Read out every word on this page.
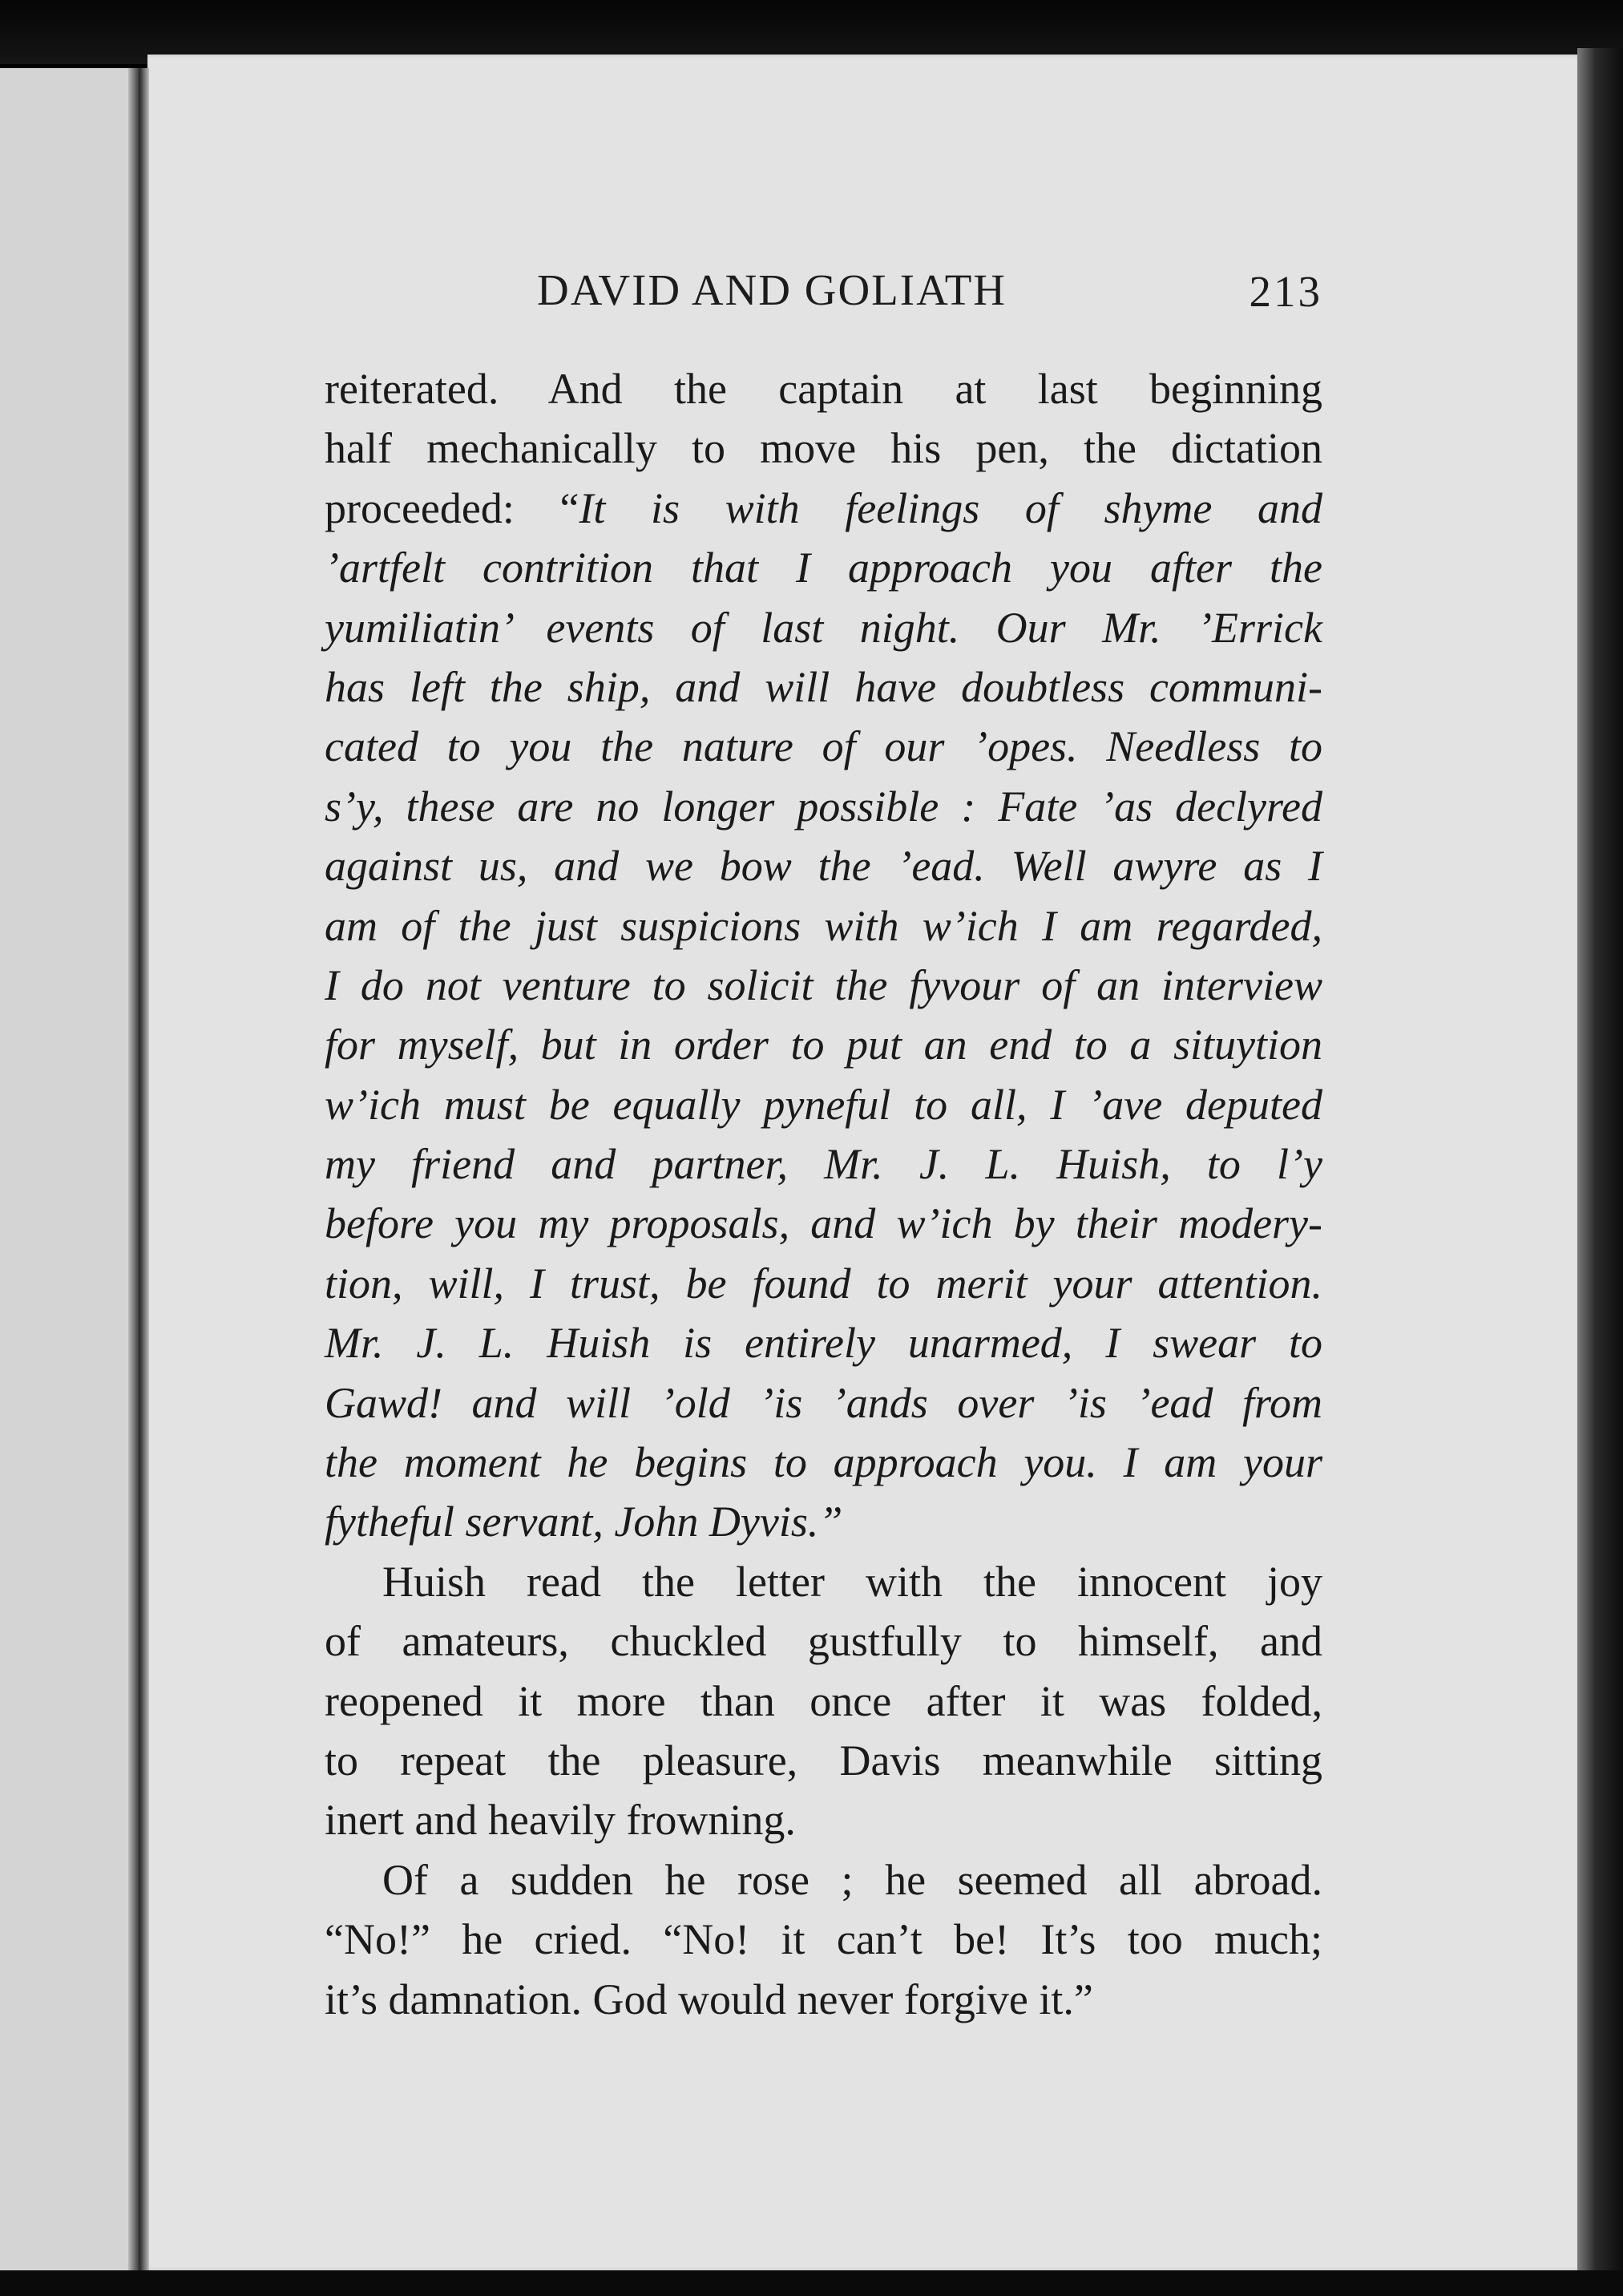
DAVID AND GOLIATH	213
reiterated. And the captain at last beginning
half mechanically to move his pen, the dictation
proceeded: “It is with feelings of shyme and
’artfelt contrition that I approach you after the
yumiliatin’ events of last night. Our Mr. ’Errick
has left the ship, and will have doubtless communi-
cated to you the nature of our ’opes. Needless to
s’y, these are no longer possible : Fate ’as declyred
against us, and we bow the ’ead. Well awyre as I
am of the just suspicions with w’ich I am regarded,
I do not venture to solicit the fyvour of an interview
for myself, but in order to put an end to a situytion
w’ich must be equally pyneful to all, I ’ave deputed
my friend and partner, Mr. J. L. Huish, to l’y
before you my proposals, and w’ich by their modery-
tion, will, I trust, be found to merit your attention.
Mr. J. L. Huish is entirely unarmed, I swear to
Gawd! and will ’old ’is ’ands over ’is ’ead from
the moment he begins to approach you. I am your
fytheful servant, John Dyvis.”
Huish read the letter with the innocent joy
of amateurs, chuckled gustfully to himself, and
reopened it more than once after it was folded,
to repeat the pleasure, Davis meanwhile sitting
inert and heavily frowning.
Of a sudden he rose ; he seemed all abroad.
“No!” he cried. “No! it can’t be! It’s too much;
it’s damnation. God would never forgive it.”
